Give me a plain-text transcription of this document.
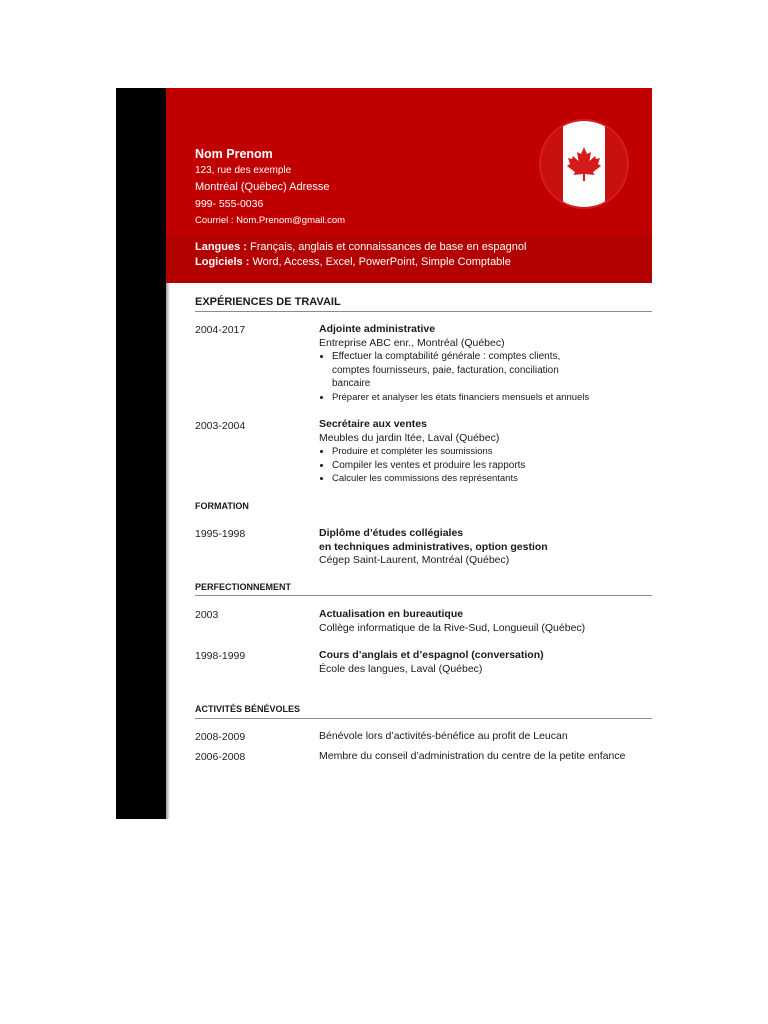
Nom Prenom
123, rue des exemple
Montréal (Québec) Adresse
999- 555-0036
Courriel : Nom.Prenom@gmail.com
Langues : Français, anglais et connaissances de base en espagnol
Logiciels : Word, Access, Excel, PowerPoint, Simple Comptable
EXPÉRIENCES DE TRAVAIL
2004-2017	Adjointe administrative
Entreprise ABC enr., Montréal (Québec)
• Effectuer la comptabilité générale : comptes clients, comptes fournisseurs, paie, facturation, conciliation bancaire
• Préparer et analyser les états financiers mensuels et annuels
2003-2004	Secrétaire aux ventes
Meubles du jardin ltée, Laval (Québec)
• Produire et compléter les soumissions
• Compiler les ventes et produire les rapports
• Calculer les commissions des représentants
FORMATION
1995-1998	Diplôme d’études collégiales
en techniques administratives, option gestion
Cégep Saint-Laurent, Montréal (Québec)
PERFECTIONNEMENT
2003	Actualisation en bureautique
Collège informatique de la Rive-Sud, Longueuil (Québec)
1998-1999	Cours d’anglais et d’espagnol (conversation)
École des langues, Laval (Québec)
ACTIVITÉS BÉNÉVOLES
2008-2009	Bénévole lors d’activités-bénéfice au profit de Leucan
2006-2008	Membre du conseil d’administration du centre de la petite enfance
